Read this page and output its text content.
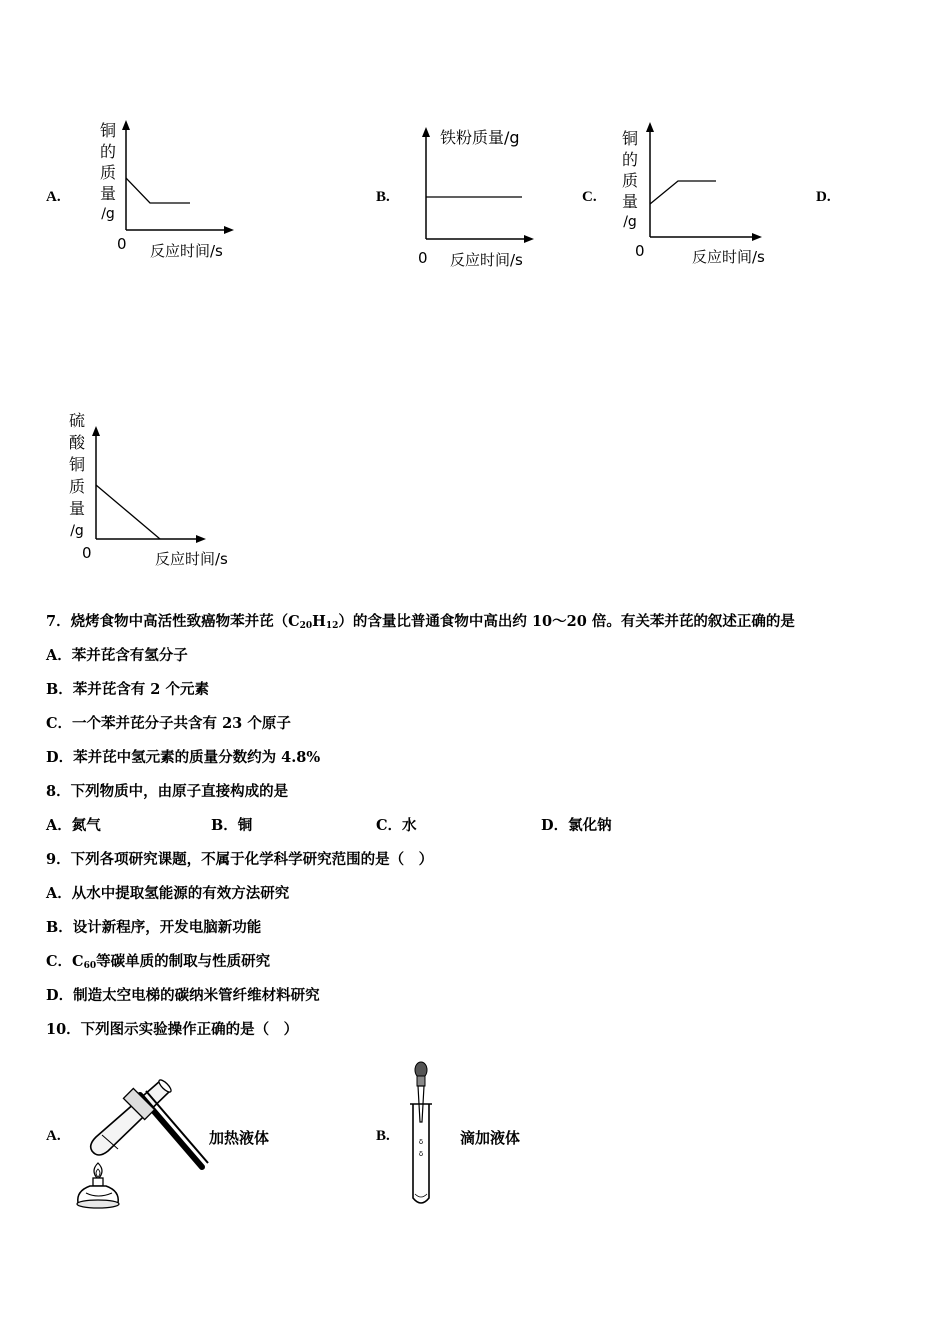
A.
铜
的
质
量
/g
0 反应时间/s
B.
铁粉质量/g
0 反应时间/s
C.
铜
的
质
量
/g
0	反应时间/s
D.
硫
酸
铜
质
量
/g
0	反应时间/s
7．烧烤食物中高活性致癌物苯并芘$(C_{20}H_{12})$的含量比普通食物中高出约 10～20 倍。有关苯并芘的叙述正确的是
A．苯并芘含有氢分子
B．苯并芘含有 2 个元素
C．一个苯并芘分子共含有 23 个原子
D．苯并芘中氢元素的质量分数约为 4.8%
8．下列物质中，由原子直接构成的是
A．氮气	B．铜	C．水	D．氯化钠
9．下列各项研究课题，不属于化学科学研究范围的是（　）
A．从水中提取氢能源的有效方法研究
B．设计新程序，开发电脑新功能
C．$C_{60}$等碳单质的制取与性质研究
D．制造太空电梯的碳纳米管纤维材料研究
10．下列图示实验操作正确的是（　）
A.	加热液体	B.	δ
δ
滴加液体
